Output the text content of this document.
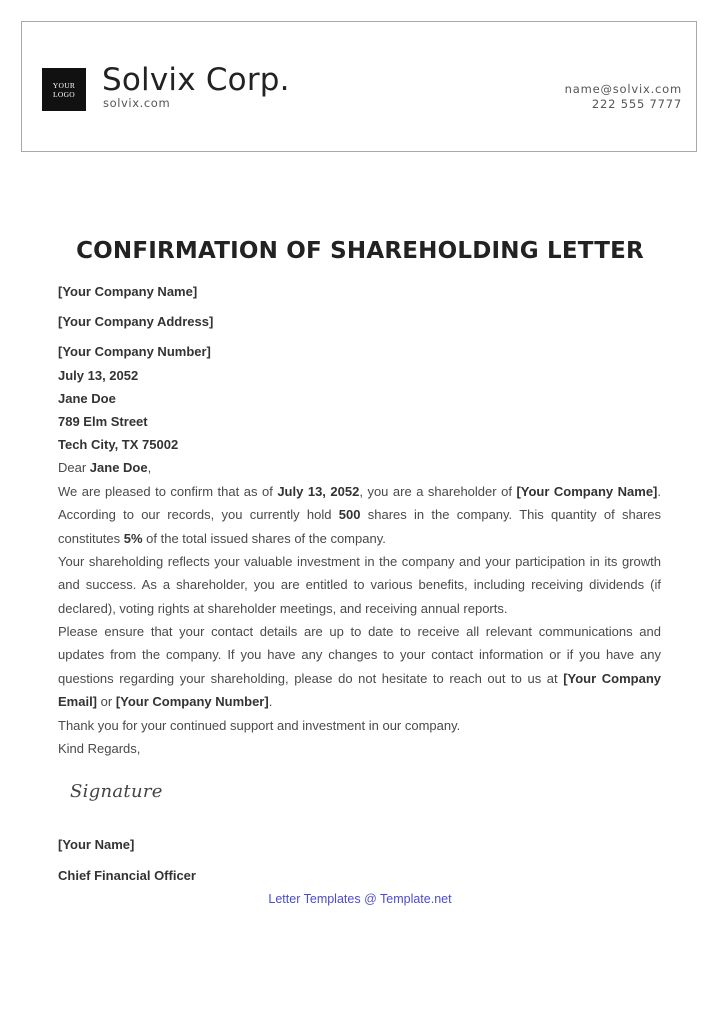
YOUR LOGO Solvix Corp.
solvix.com
name@solvix.com
222 555 7777
CONFIRMATION OF SHAREHOLDING LETTER
[Your Company Name]
[Your Company Address]
[Your Company Number]
July 13, 2052
Jane Doe
789 Elm Street
Tech City, TX 75002
Dear Jane Doe,
We are pleased to confirm that as of July 13, 2052, you are a shareholder of [Your Company Name]. According to our records, you currently hold 500 shares in the company. This quantity of shares constitutes 5% of the total issued shares of the company.
Your shareholding reflects your valuable investment in the company and your participation in its growth and success. As a shareholder, you are entitled to various benefits, including receiving dividends (if declared), voting rights at shareholder meetings, and receiving annual reports.
Please ensure that your contact details are up to date to receive all relevant communications and updates from the company. If you have any changes to your contact information or if you have any questions regarding your shareholding, please do not hesitate to reach out to us at [Your Company Email] or [Your Company Number].
Thank you for your continued support and investment in our company.
Kind Regards,
Signature
[Your Name]
Chief Financial Officer
Letter Templates @ Template.net
